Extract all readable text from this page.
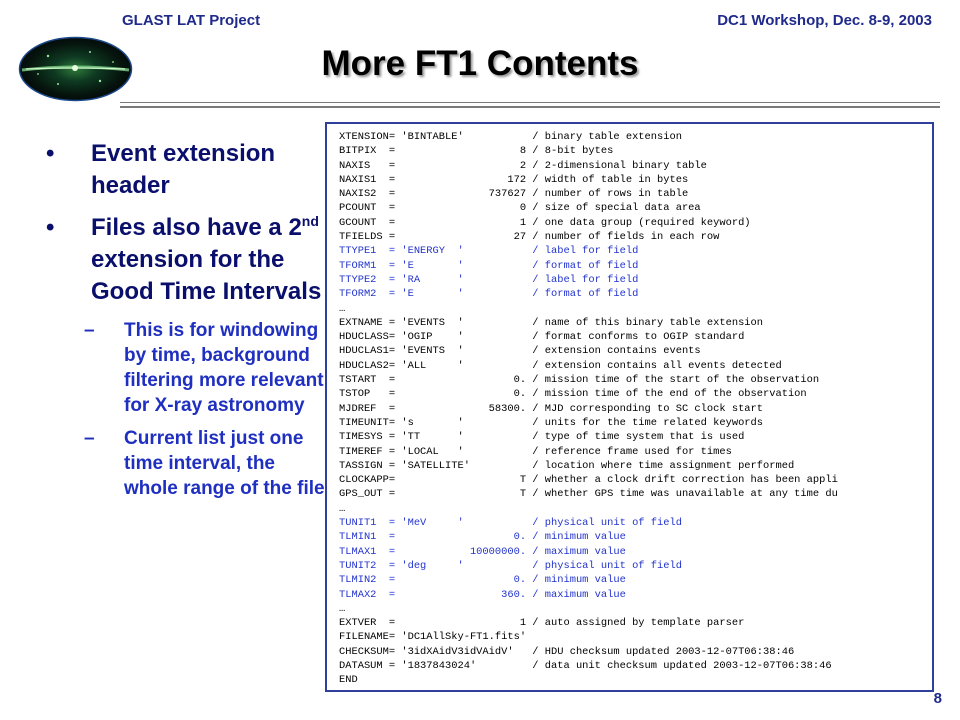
GLAST LAT Project	DC1 Workshop, Dec. 8-9, 2003
More FT1 Contents
•	Event extension header
•	Files also have a 2nd extension for the Good Time Intervals
–	This is for windowing by time, background filtering more relevant for X-ray astronomy
–	Current list just one time interval, the whole range of the file
XTENSION= 'BINTABLE'           / binary table extension
BITPIX  =                    8 / 8-bit bytes
NAXIS   =                    2 / 2-dimensional binary table
NAXIS1  =                  172 / width of table in bytes
NAXIS2  =               737627 / number of rows in table
PCOUNT  =                    0 / size of special data area
GCOUNT  =                    1 / one data group (required keyword)
TFIELDS =                   27 / number of fields in each row
TTYPE1  = 'ENERGY  '           / label for field
TFORM1  = 'E       '           / format of field
TTYPE2  = 'RA      '           / label for field
TFORM2  = 'E       '           / format of field
…
EXTNAME = 'EVENTS  '           / name of this binary table extension
HDUCLASS= 'OGIP    '           / format conforms to OGIP standard
HDUCLAS1= 'EVENTS  '           / extension contains events
HDUCLAS2= 'ALL     '           / extension contains all events detected
TSTART  =                   0. / mission time of the start of the observation
TSTOP   =                   0. / mission time of the end of the observation
MJDREF  =               58300. / MJD corresponding to SC clock start
TIMEUNIT= 's       '           / units for the time related keywords
TIMESYS = 'TT      '           / type of time system that is used
TIMEREF = 'LOCAL   '           / reference frame used for times
TASSIGN = 'SATELLITE'          / location where time assignment performed
CLOCKAPP=                    T / whether a clock drift correction has been appli
GPS_OUT =                    T / whether GPS time was unavailable at any time du
…
TUNIT1  = 'MeV     '           / physical unit of field
TLMIN1  =                   0. / minimum value
TLMAX1  =            10000000. / maximum value
TUNIT2  = 'deg     '           / physical unit of field
TLMIN2  =                   0. / minimum value
TLMAX2  =                 360. / maximum value
…
EXTVER  =                    1 / auto assigned by template parser
FILENAME= 'DC1AllSky-FT1.fits'
CHECKSUM= '3idXAidV3idVAidV'   / HDU checksum updated 2003-12-07T06:38:46
DATASUM = '1837843024'         / data unit checksum updated 2003-12-07T06:38:46
END
8
